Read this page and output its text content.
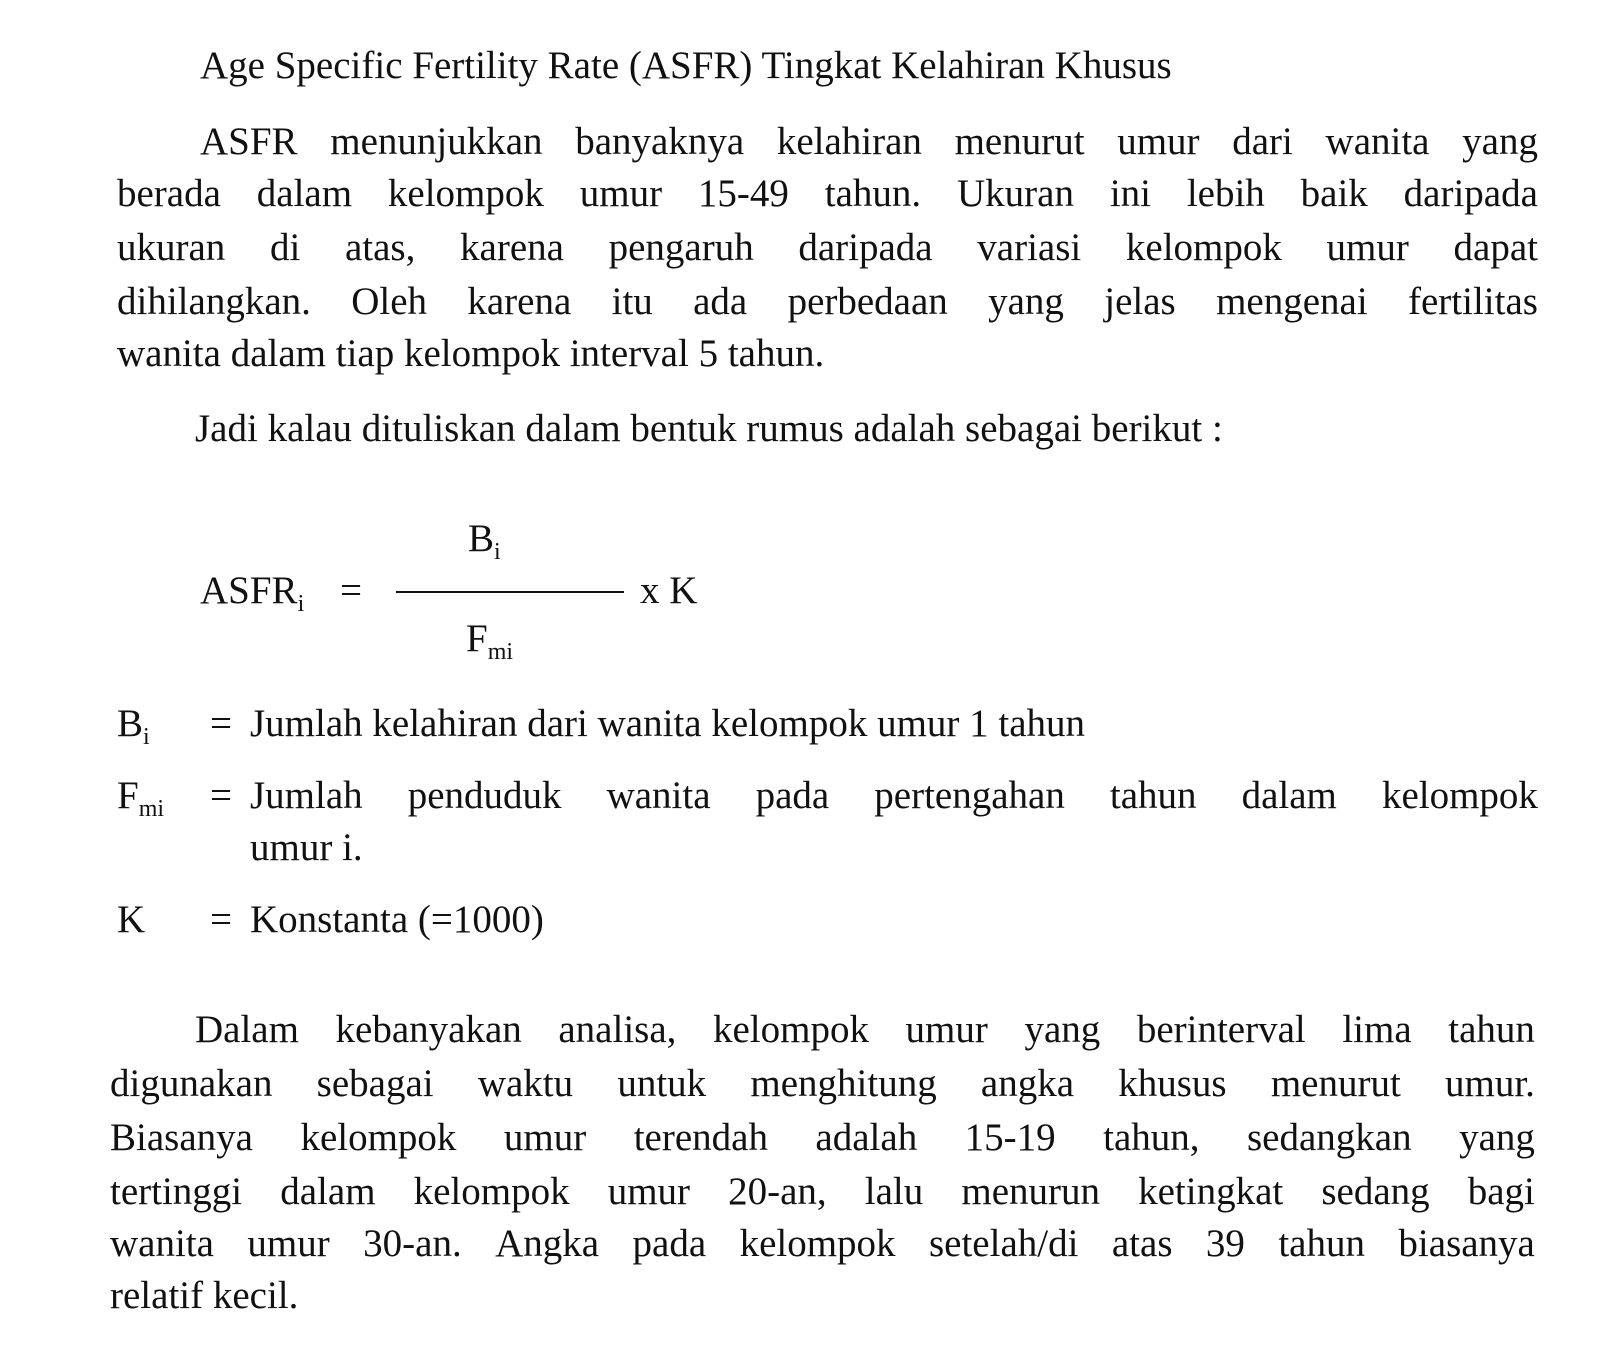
Age Specific Fertility Rate (ASFR) Tingkat Kelahiran Khusus
ASFR menunjukkan banyaknya kelahiran menurut umur dari wanita yang
berada dalam kelompok umur 15-49 tahun. Ukuran ini lebih baik daripada
ukuran di atas, karena pengaruh daripada variasi kelompok umur dapat
dihilangkan. Oleh karena itu ada perbedaan yang jelas mengenai fertilitas
wanita dalam tiap kelompok interval 5 tahun.
Jadi kalau dituliskan dalam bentuk rumus adalah sebagai berikut :
$ASFR_i$ =
$B_i$
$F_{mi}$
x K
$B_i$ = Jumlah kelahiran dari wanita kelompok umur 1 tahun
$F_{mi}$ = Jumlah penduduk wanita pada pertengahan tahun dalam kelompok
umur i.
K = Konstanta (=1000)
Dalam kebanyakan analisa, kelompok umur yang berinterval lima tahun
digunakan sebagai waktu untuk menghitung angka khusus menurut umur.
Biasanya kelompok umur terendah adalah 15-19 tahun, sedangkan yang
tertinggi dalam kelompok umur 20-an, lalu menurun ketingkat sedang bagi
wanita umur 30-an. Angka pada kelompok setelah/di atas 39 tahun biasanya
relatif kecil.
